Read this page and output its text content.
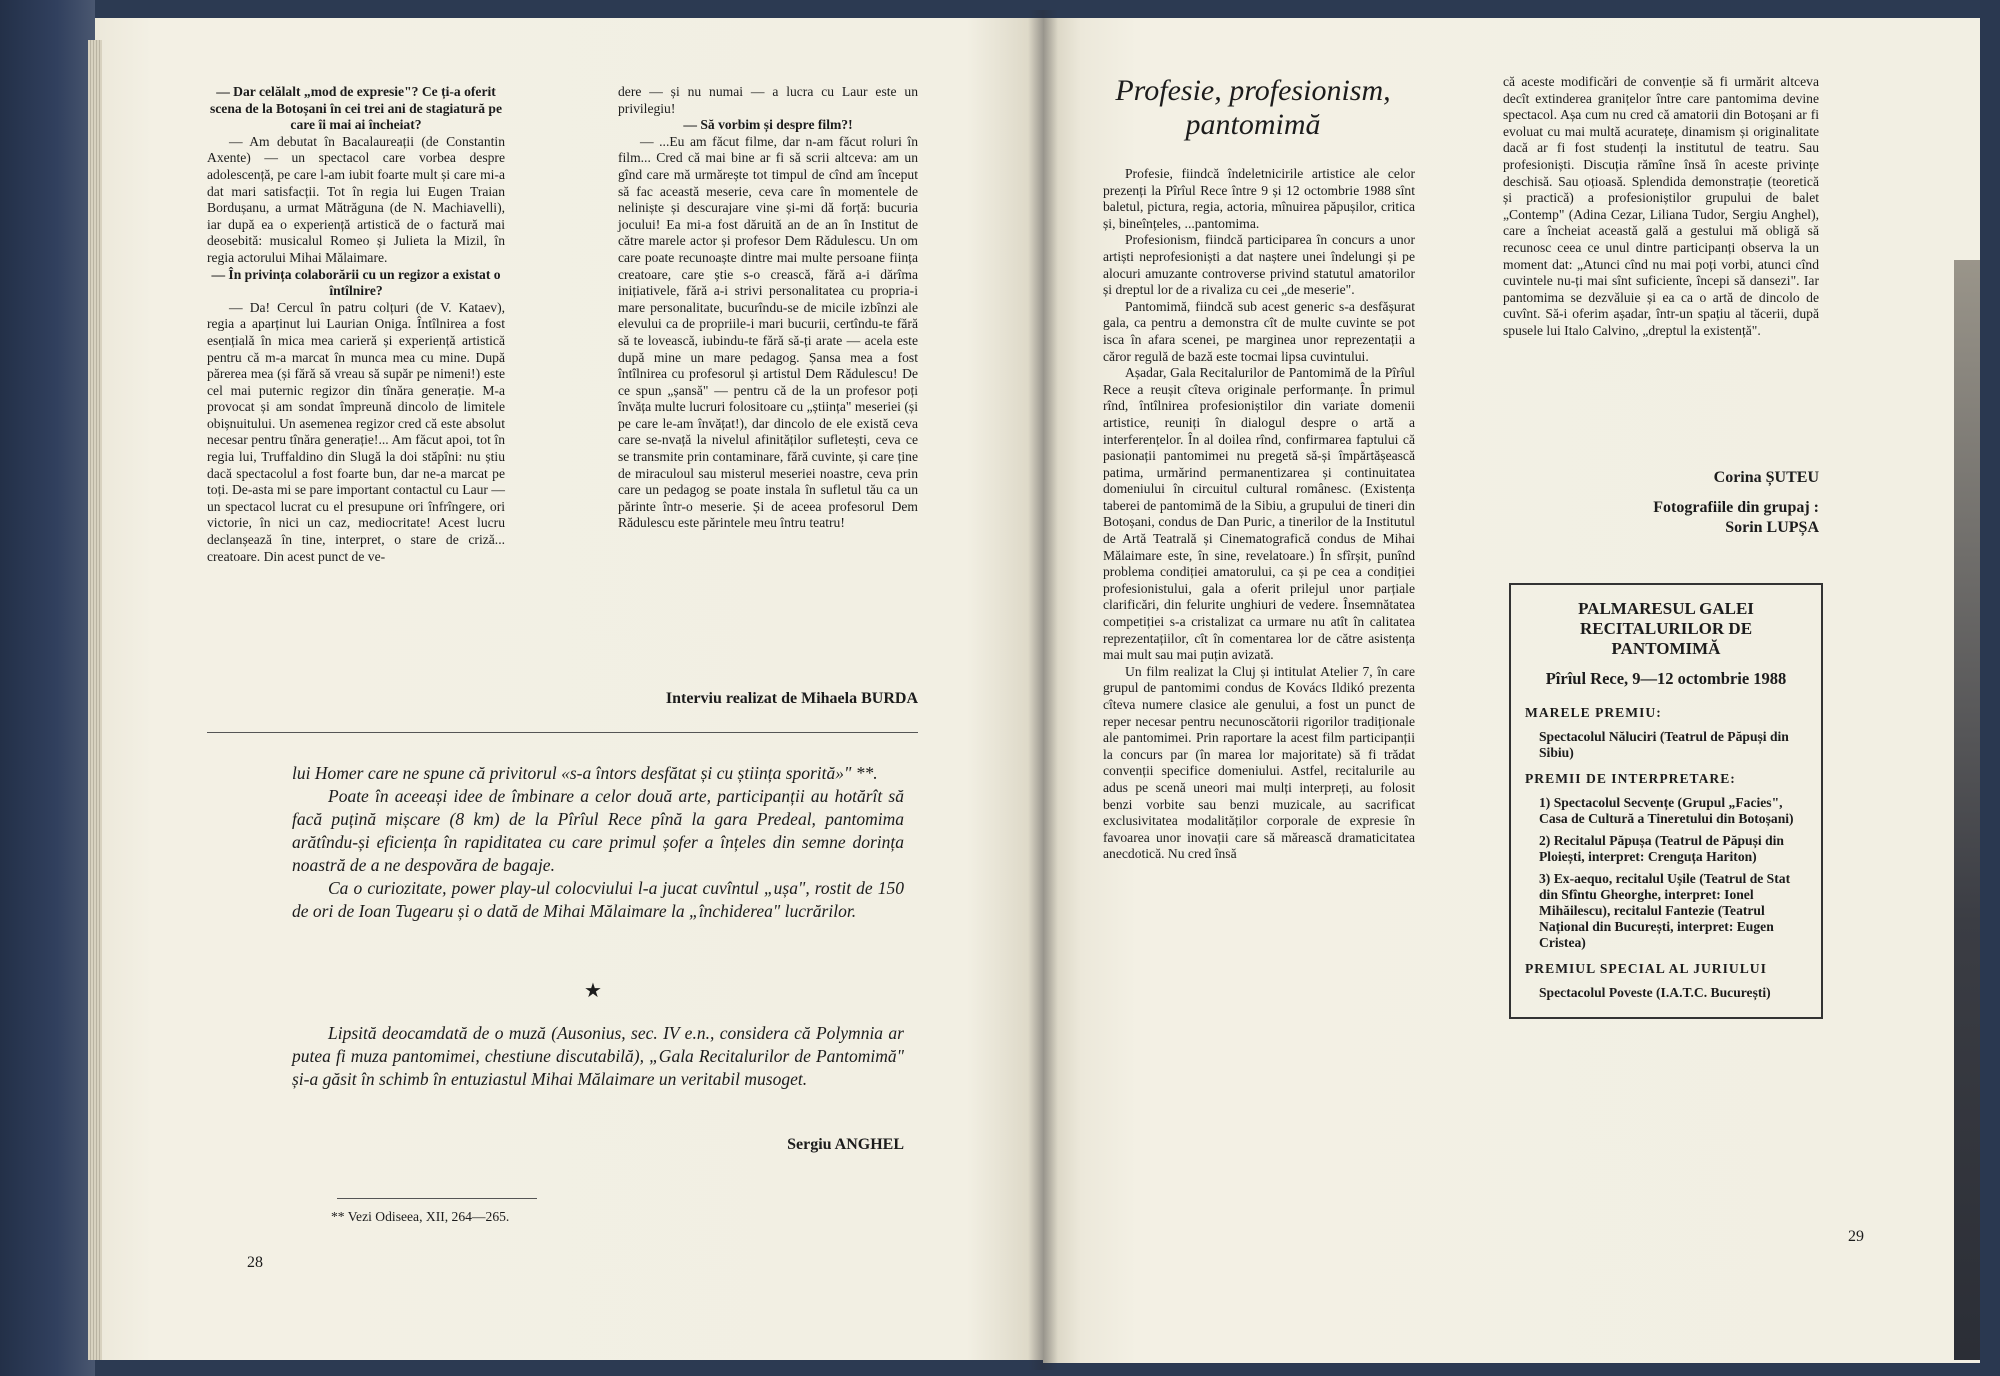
— Dar celălalt „mod de expresie"? Ce ți-a oferit scena de la Botoșani în cei trei ani de stagiatură pe care îi mai ai încheiat?

— Am debutat în Bacalaureații (de Constantin Axente) — un spectacol care vorbea despre adolescență, pe care l-am iubit foarte mult și care mi-a dat mari satisfacții. Tot în regia lui Eugen Traian Bordușanu, a urmat Mătrăguna (de N. Machiavelli), iar după ea o experiență artistică de o factură mai deosebită: musicalul Romeo și Julieta la Mizil, în regia actorului Mihai Mălaimare.

— În privința colaborării cu un regizor a existat o întîlnire?

— Da! Cercul în patru colțuri (de V. Kataev), regia a aparținut lui Laurian Oniga. Întîlnirea a fost esențială în mica mea carieră și experiență artistică pentru că m-a marcat în munca mea cu mine. După părerea mea (și fără să vreau să supăr pe nimeni!) este cel mai puternic regizor din tînăra generație. M-a provocat și am sondat împreună dincolo de limitele obișnuitului. Un asemenea regizor cred că este absolut necesar pentru tînăra generație!... Am făcut apoi, tot în regia lui, Truffaldino din Slugă la doi stăpîni: nu știu dacă spectacolul a fost foarte bun, dar ne-a marcat pe toți. De-asta mi se pare important contactul cu Laur — un spectacol lucrat cu el presupune ori înfrîngere, ori victorie, în nici un caz, mediocritate! Acest lucru declanșează în tine, interpret, o stare de criză... creatoare. Din acest punct de ve-

dere — și nu numai — a lucra cu Laur este un privilegiu!

— Să vorbim și despre film?!

— ...Eu am făcut filme, dar n-am făcut roluri în film... Cred că mai bine ar fi să scrii altceva: am un gînd care mă urmărește tot timpul de cînd am început să fac această meserie, ceva care în momentele de neliniște și descurajare vine și-mi dă forță: bucuria jocului! Ea mi-a fost dăruită an de an în Institut de către marele actor și profesor Dem Rădulescu. Un om care poate recunoaște dintre mai multe persoane ființa creatoare, care știe s-o crească, fără a-i dărîma inițiativele, fără a-i strivi personalitatea cu propria-i mare personalitate, bucurîndu-se de micile izbînzi ale elevului ca de propriile-i mari bucurii, certîndu-te fără să te lovească, iubindu-te fără să-ți arate — acela este după mine un mare pedagog. Șansa mea a fost întîlnirea cu profesorul și artistul Dem Rădulescu! De ce spun „șansă" — pentru că de la un profesor poți învăța multe lucruri folositoare cu „știința" meseriei (și pe care le-am învățat!), dar dincolo de ele există ceva care se-nvață la nivelul afinităților sufletești, ceva ce se transmite prin contaminare, fără cuvinte, și care ține de miraculoul sau misterul meseriei noastre, ceva prin care un pedagog se poate instala în sufletul tău ca un părinte într-o meserie. Și de aceea profesorul Dem Rădulescu este părintele meu întru teatru!

Interviu realizat de Mihaela BURDA

lui Homer care ne spune că privitorul «s-a întors desfătat și cu știința sporită»" **.

Poate în aceeași idee de îmbinare a celor două arte, participanții au hotărît să facă puțină mișcare (8 km) de la Pîrîul Rece pînă la gara Predeal, pantomima arătîndu-și eficiența în rapiditatea cu care primul șofer a înțeles din semne dorința noastră de a ne despovăra de bagaje.

Ca o curiozitate, power play-ul colocviului l-a jucat cuvîntul „ușa", rostit de 150 de ori de Ioan Tugearu și o dată de Mihai Mălaimare la „închiderea" lucrărilor.

★

Lipsită deocamdată de o muză (Ausonius, sec. IV e.n., considera că Polymnia ar putea fi muza pantomimei, chestiune discutabilă), „Gala Recitalurilor de Pantomimă" și-a găsit în schimb în entuziastul Mihai Mălaimare un veritabil musoget.

Sergiu ANGHEL
** Vezi Odiseea, XII, 264—265.
28
Profesie, profesionism,
pantomimă

Profesie, fiindcă îndeletnicirile artistice ale celor prezenți la Pîrîul Rece între 9 și 12 octombrie 1988 sînt baletul, pictura, regia, actoria, mînuirea păpușilor, critica și, bineînțeles, ...pantomima.

Profesionism, fiindcă participarea în concurs a unor artiști neprofesioniști a dat naștere unei îndelungi și pe alocuri amuzante controverse privind statutul amatorilor și dreptul lor de a rivaliza cu cei „de meserie".

Pantomimă, fiindcă sub acest generic s-a desfășurat gala, ca pentru a demonstra cît de multe cuvinte se pot isca în afara scenei, pe marginea unor reprezentații a căror regulă de bază este tocmai lipsa cuvintului.

Așadar, Gala Recitalurilor de Pantomimă de la Pîrîul Rece a reușit cîteva originale performanțe. În primul rînd, întîlnirea profesioniștilor din variate domenii artistice, reuniți în dialogul despre o artă a interferențelor. În al doilea rînd, confirmarea faptului că pasionații pantomimei nu pregetă să-și împărtășească patima, urmărind permanentizarea și continuitatea domeniului în circuitul cultural românesc. (Existența taberei de pantomimă de la Sibiu, a grupului de tineri din Botoșani, condus de Dan Puric, a tinerilor de la Institutul de Artă Teatrală și Cinematografică condus de Mihai Mălaimare este, în sine, revelatoare.) În sfîrșit, punînd problema condiției amatorului, ca și pe cea a condiției profesionistului, gala a oferit prilejul unor parțiale clarificări, din felurite unghiuri de vedere. Însemnătatea competiției s-a cristalizat ca urmare nu atît în calitatea reprezentațiilor, cît în comentarea lor de către asistența mai mult sau mai puțin avizată.

Un film realizat la Cluj și intitulat Atelier 7, în care grupul de pantomimi condus de Kovács Ildikó prezenta cîteva numere clasice ale genului, a fost un punct de reper necesar pentru necunoscătorii rigorilor tradiționale ale pantomimei. Prin raportare la acest film participanții la concurs par (în marea lor majoritate) să fi trădat convenții specifice domeniului. Astfel, recitalurile au adus pe scenă uneori mai mulți interpreți, au folosit benzi vorbite sau benzi muzicale, au sacrificat exclusivitatea modalităților corporale de expresie în favoarea unor inovații care să mărească dramaticitatea anecdotică. Nu cred însă

că aceste modificări de convenție să fi urmărit altceva decît extinderea granițelor între care pantomima devine spectacol. Așa cum nu cred că amatorii din Botoșani ar fi evoluat cu mai multă acuratețe, dinamism și originalitate dacă ar fi fost studenți la institutul de teatru. Sau profesioniști. Discuția rămîne însă în aceste privințe deschisă. Sau oțioasă. Splendida demonstrație (teoretică și practică) a profesioniștilor grupului de balet „Contemp" (Adina Cezar, Liliana Tudor, Sergiu Anghel), care a încheiat această gală a gestului mă obligă să recunosc ceea ce unul dintre participanți observa la un moment dat: „Atunci cînd nu mai poți vorbi, atunci cînd cuvintele nu-ți mai sînt suficiente, începi să dansezi". Iar pantomima se dezvăluie și ea ca o artă de dincolo de cuvînt. Să-i oferim așadar, într-un spațiu al tăcerii, după spusele lui Italo Calvino, „dreptul la existență".

Corina ȘUTEU
Fotografiile din grupaj :
Sorin LUPȘA
PALMARESUL GALEI RECITALURILOR DE PANTOMIMĂ
Pîrîul Rece, 9—12 octombrie 1988
MARELE PREMIU:
Spectacolul Năluciri (Teatrul de Păpuși din Sibiu)
PREMII DE INTERPRETARE:
1) Spectacolul Secvențe (Grupul „Facies", Casa de Cultură a Tineretului din Botoșani)
2) Recitalul Păpușa (Teatrul de Păpuși din Ploiești, interpret: Crenguța Hariton)
3) Ex-aequo, recitalul Ușile (Teatrul de Stat din Sfîntu Gheorghe, interpret: Ionel Mihăilescu), recitalul Fantezie (Teatrul Național din București, interpret: Eugen Cristea)
PREMIUL SPECIAL AL JURIULUI
Spectacolul Poveste (I.A.T.C. București)
29
